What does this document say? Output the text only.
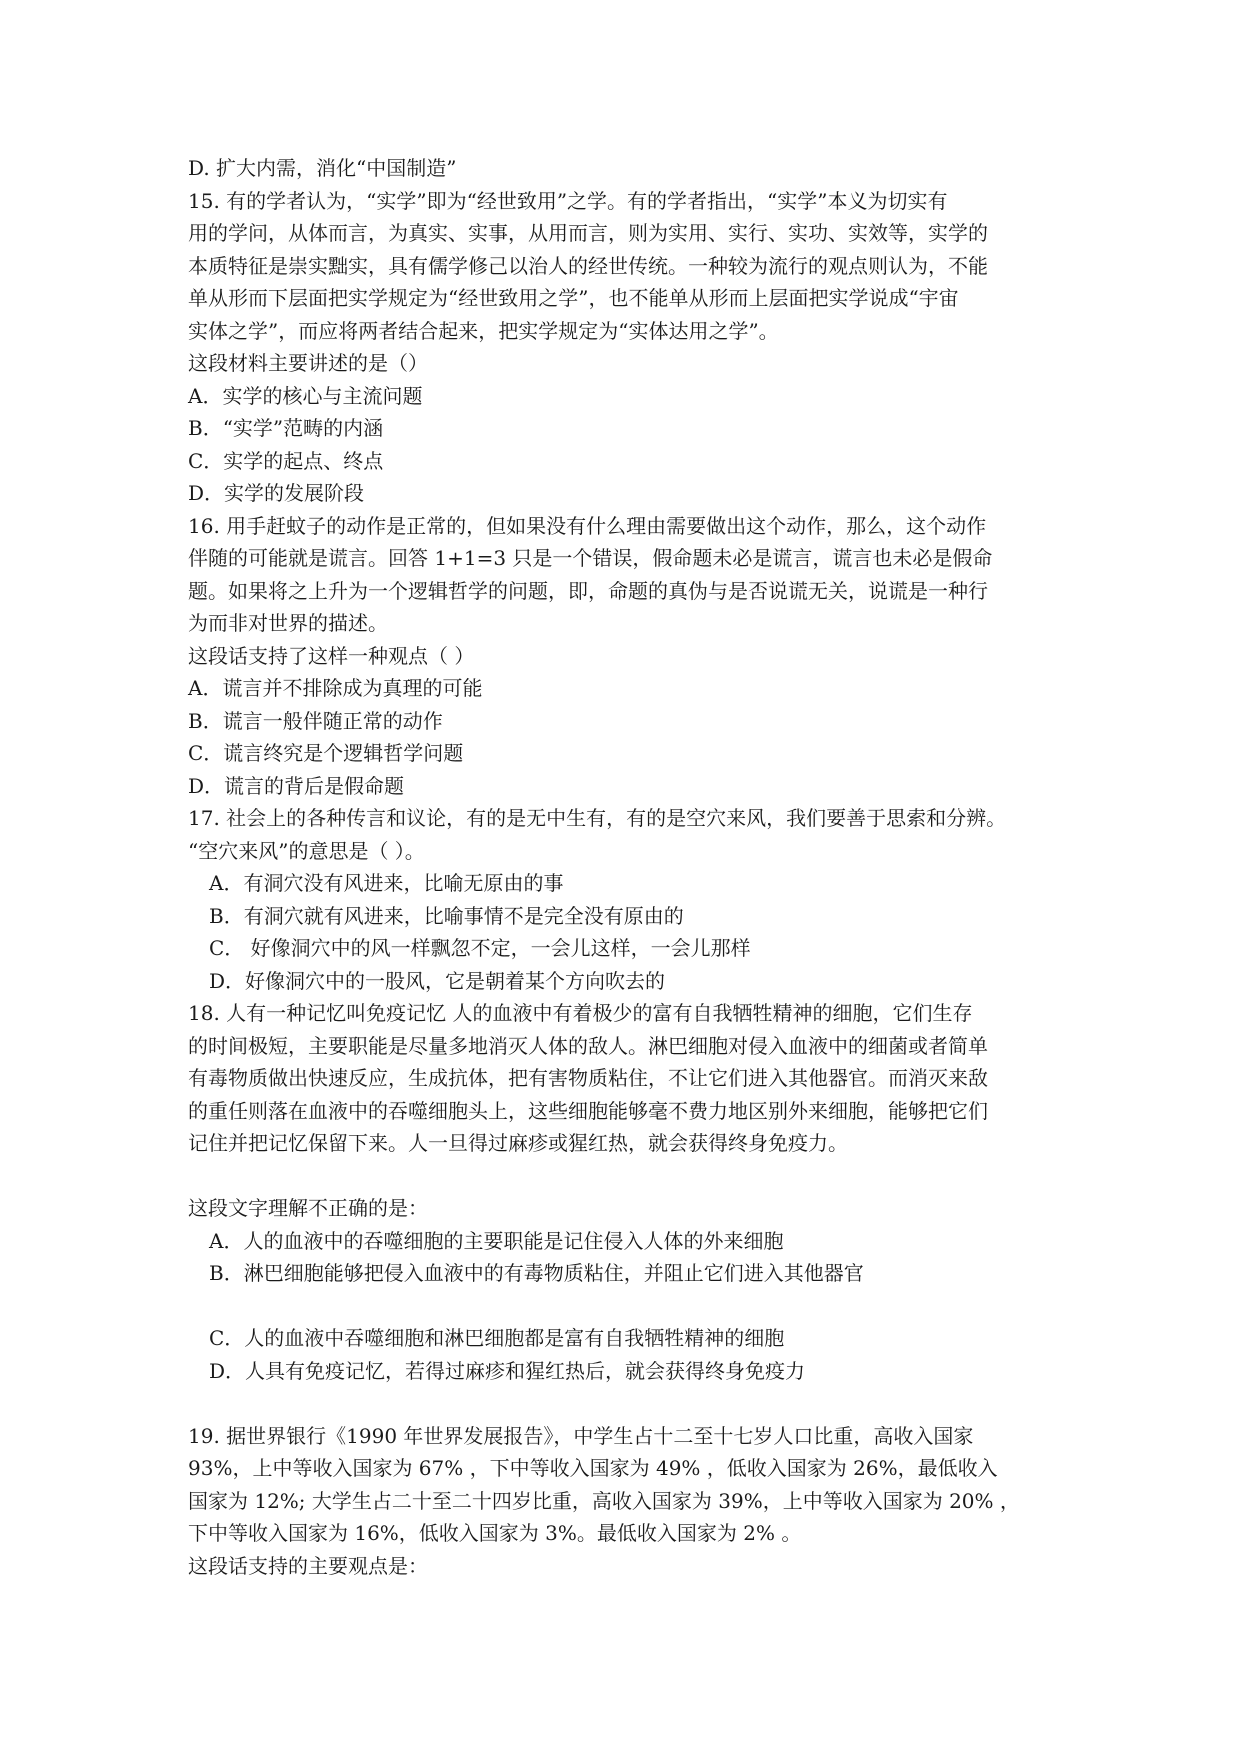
D. 扩大内需，消化“中国制造”
15. 有的学者认为，“实学”即为“经世致用”之学。有的学者指出，“实学”本义为切实有
用的学问，从体而言，为真实、实事，从用而言，则为实用、实行、实功、实效等，实学的
本质特征是崇实黜实，具有儒学修己以治人的经世传统。一种较为流行的观点则认为，不能
单从形而下层面把实学规定为“经世致用之学”，也不能单从形而上层面把实学说成“宇宙
实体之学”，而应将两者结合起来，把实学规定为“实体达用之学”。
这段材料主要讲述的是（）
A．实学的核心与主流问题
B．“实学”范畴的内涵
C．实学的起点、终点
D．实学的发展阶段
16. 用手赶蚊子的动作是正常的，但如果没有什么理由需要做出这个动作，那么，这个动作
伴随的可能就是谎言。回答 1+1=3 只是一个错误，假命题未必是谎言，谎言也未必是假命
题。如果将之上升为一个逻辑哲学的问题，即，命题的真伪与是否说谎无关，说谎是一种行
为而非对世界的描述。
这段话支持了这样一种观点（ ）
A．谎言并不排除成为真理的可能
B．谎言一般伴随正常的动作
C．谎言终究是个逻辑哲学问题
D．谎言的背后是假命题
17. 社会上的各种传言和议论，有的是无中生有，有的是空穴来风，我们要善于思索和分辨。
“空穴来风”的意思是（ ）。
A．有洞穴没有风进来，比喻无原由的事
B．有洞穴就有风进来，比喻事情不是完全没有原由的
C． 好像洞穴中的风一样飘忽不定，一会儿这样，一会儿那样
D．好像洞穴中的一股风，它是朝着某个方向吹去的
18. 人有一种记忆叫免疫记忆 人的血液中有着极少的富有自我牺牲精神的细胞，它们生存
的时间极短，主要职能是尽量多地消灭人体的敌人。淋巴细胞对侵入血液中的细菌或者简单
有毒物质做出快速反应，生成抗体，把有害物质粘住，不让它们进入其他器官。而消灭来敌
的重任则落在血液中的吞噬细胞头上，这些细胞能够毫不费力地区别外来细胞，能够把它们
记住并把记忆保留下来。人一旦得过麻疹或猩红热，就会获得终身免疫力。
这段文字理解不正确的是：
A．人的血液中的吞噬细胞的主要职能是记住侵入人体的外来细胞
B．淋巴细胞能够把侵入血液中的有毒物质粘住，并阻止它们进入其他器官
C．人的血液中吞噬细胞和淋巴细胞都是富有自我牺牲精神的细胞
D．人具有免疫记忆，若得过麻疹和猩红热后，就会获得终身免疫力
19. 据世界银行《1990 年世界发展报告》，中学生占十二至十七岁人口比重，高收入国家
93%，上中等收入国家为 67% ，下中等收入国家为 49% ，低收入国家为 26%，最低收入
国家为 12%; 大学生占二十至二十四岁比重，高收入国家为 39%，上中等收入国家为 20% ，
下中等收入国家为 16%，低收入国家为 3%。最低收入国家为 2% 。
这段话支持的主要观点是：
